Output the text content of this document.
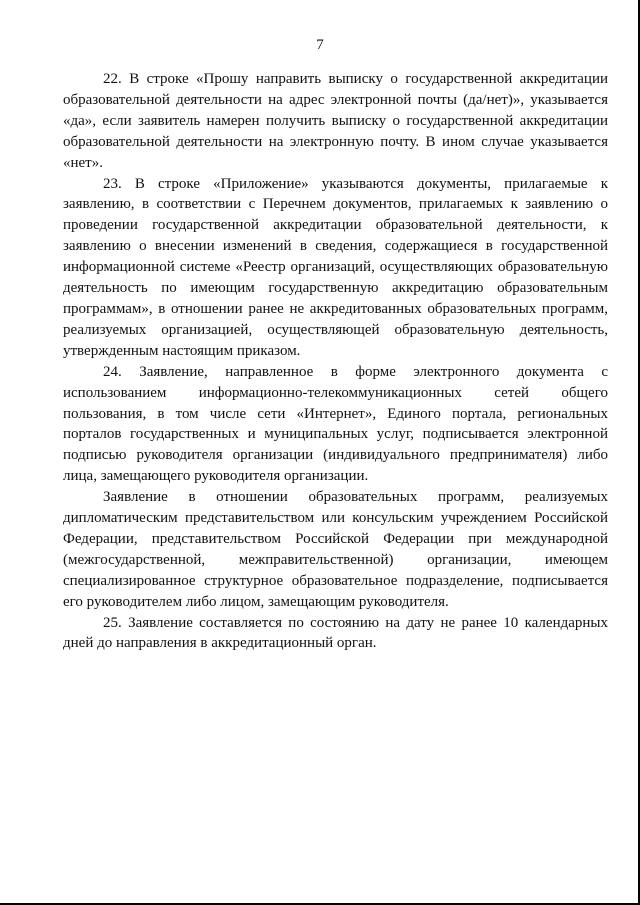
7

22. В строке «Прошу направить выписку о государственной аккредитации образовательной деятельности на адрес электронной почты (да/нет)», указывается «да», если заявитель намерен получить выписку о государственной аккредитации образовательной деятельности на электронную почту. В ином случае указывается «нет».

23. В строке «Приложение» указываются документы, прилагаемые к заявлению, в соответствии с Перечнем документов, прилагаемых к заявлению о проведении государственной аккредитации образовательной деятельности, к заявлению о внесении изменений в сведения, содержащиеся в государственной информационной системе «Реестр организаций, осуществляющих образовательную деятельность по имеющим государственную аккредитацию образовательным программам», в отношении ранее не аккредитованных образовательных программ, реализуемых организацией, осуществляющей образовательную деятельность, утвержденным настоящим приказом.

24. Заявление, направленное в форме электронного документа с использованием информационно-телекоммуникационных сетей общего пользования, в том числе сети «Интернет», Единого портала, региональных порталов государственных и муниципальных услуг, подписывается электронной подписью руководителя организации (индивидуального предпринимателя) либо лица, замещающего руководителя организации.

Заявление в отношении образовательных программ, реализуемых дипломатическим представительством или консульским учреждением Российской Федерации, представительством Российской Федерации при международной (межгосударственной, межправительственной) организации, имеющем специализированное структурное образовательное подразделение, подписывается его руководителем либо лицом, замещающим руководителя.

25. Заявление составляется по состоянию на дату не ранее 10 календарных дней до направления в аккредитационный орган.
